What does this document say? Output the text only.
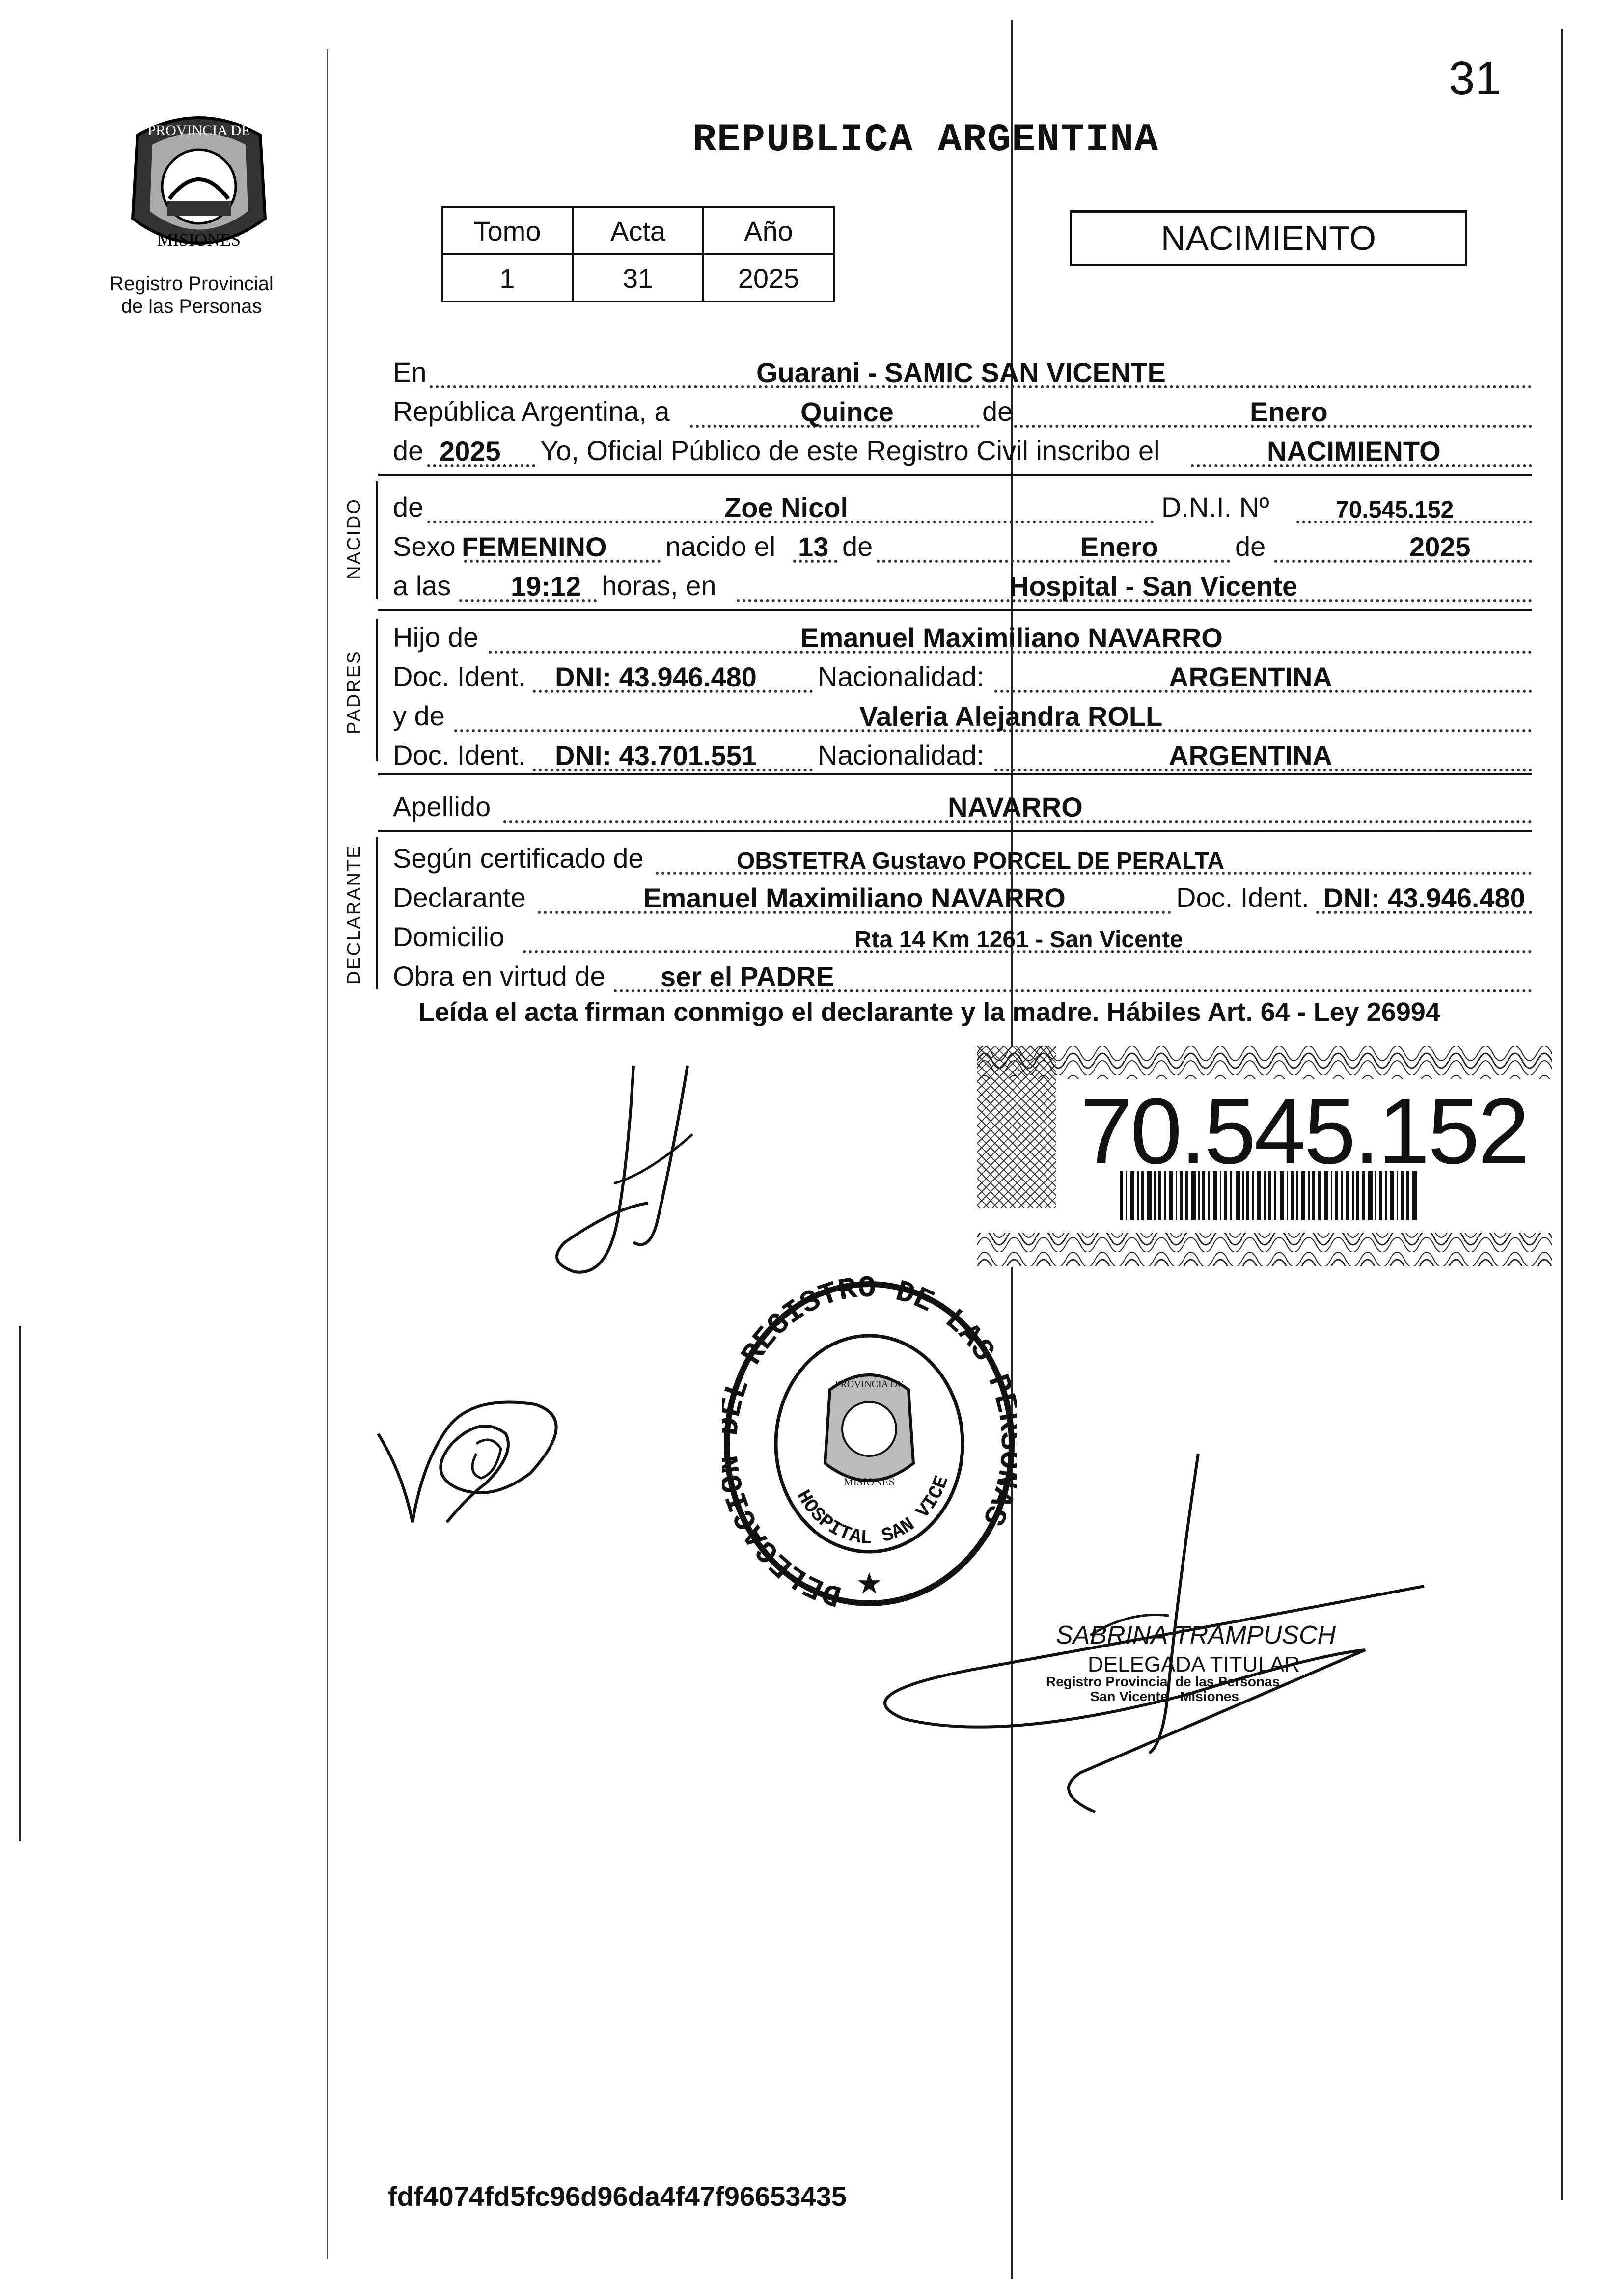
31
PROVINCIA DE
MISIONES
Registro Provincial
de las Personas
REPUBLICA ARGENTINA
Tomo	Acta	Año
1	31	2025
NACIMIENTO
En	Guarani - SAMIC SAN VICENTE
República Argentina, a	Quince	de	Enero
de 2025 Yo, Oficial Público de este Registro Civil inscribo el	NACIMIENTO
NACIDO de	Zoe Nicol	D.N.I. Nº	70.545.152
Sexo FEMENINO nacido el 13 de	Enero	de	2025
a las 19:12 horas, en	Hospital - San Vicente
PADRES
Hijo de	Emanuel Maximiliano NAVARRO
Doc. Ident. DNI: 43.946.480 Nacionalidad:	ARGENTINA
y de	Valeria Alejandra ROLL
Doc. Ident. DNI: 43.701.551 Nacionalidad:	ARGENTINA
Apellido	NAVARRO
DECLARANTE Según certificado de	OBSTETRA Gustavo PORCEL DE PERALTA
Declarante	Emanuel Maximiliano NAVARRO	Doc. Ident. DNI: 43.946.480
Domicilio	Rta 14 Km 1261 - San Vicente
Obra en virtud de ser el PADRE
Leída el acta firman conmigo el declarante y la madre. Hábiles Art. 64 - Ley 26994
70.545.152
DELEGACI L REGISTRO DE LAS P S
HOSPITAL SAN VICE
PROVINCIA DE
MISIONES
★
SABRINA TRAMPUSCH
DELEGADA TITULAR
Registro Provincial de las Personas
San Vicente - Misiones
fdf4074fd5fc96d96da4f47f96653435
